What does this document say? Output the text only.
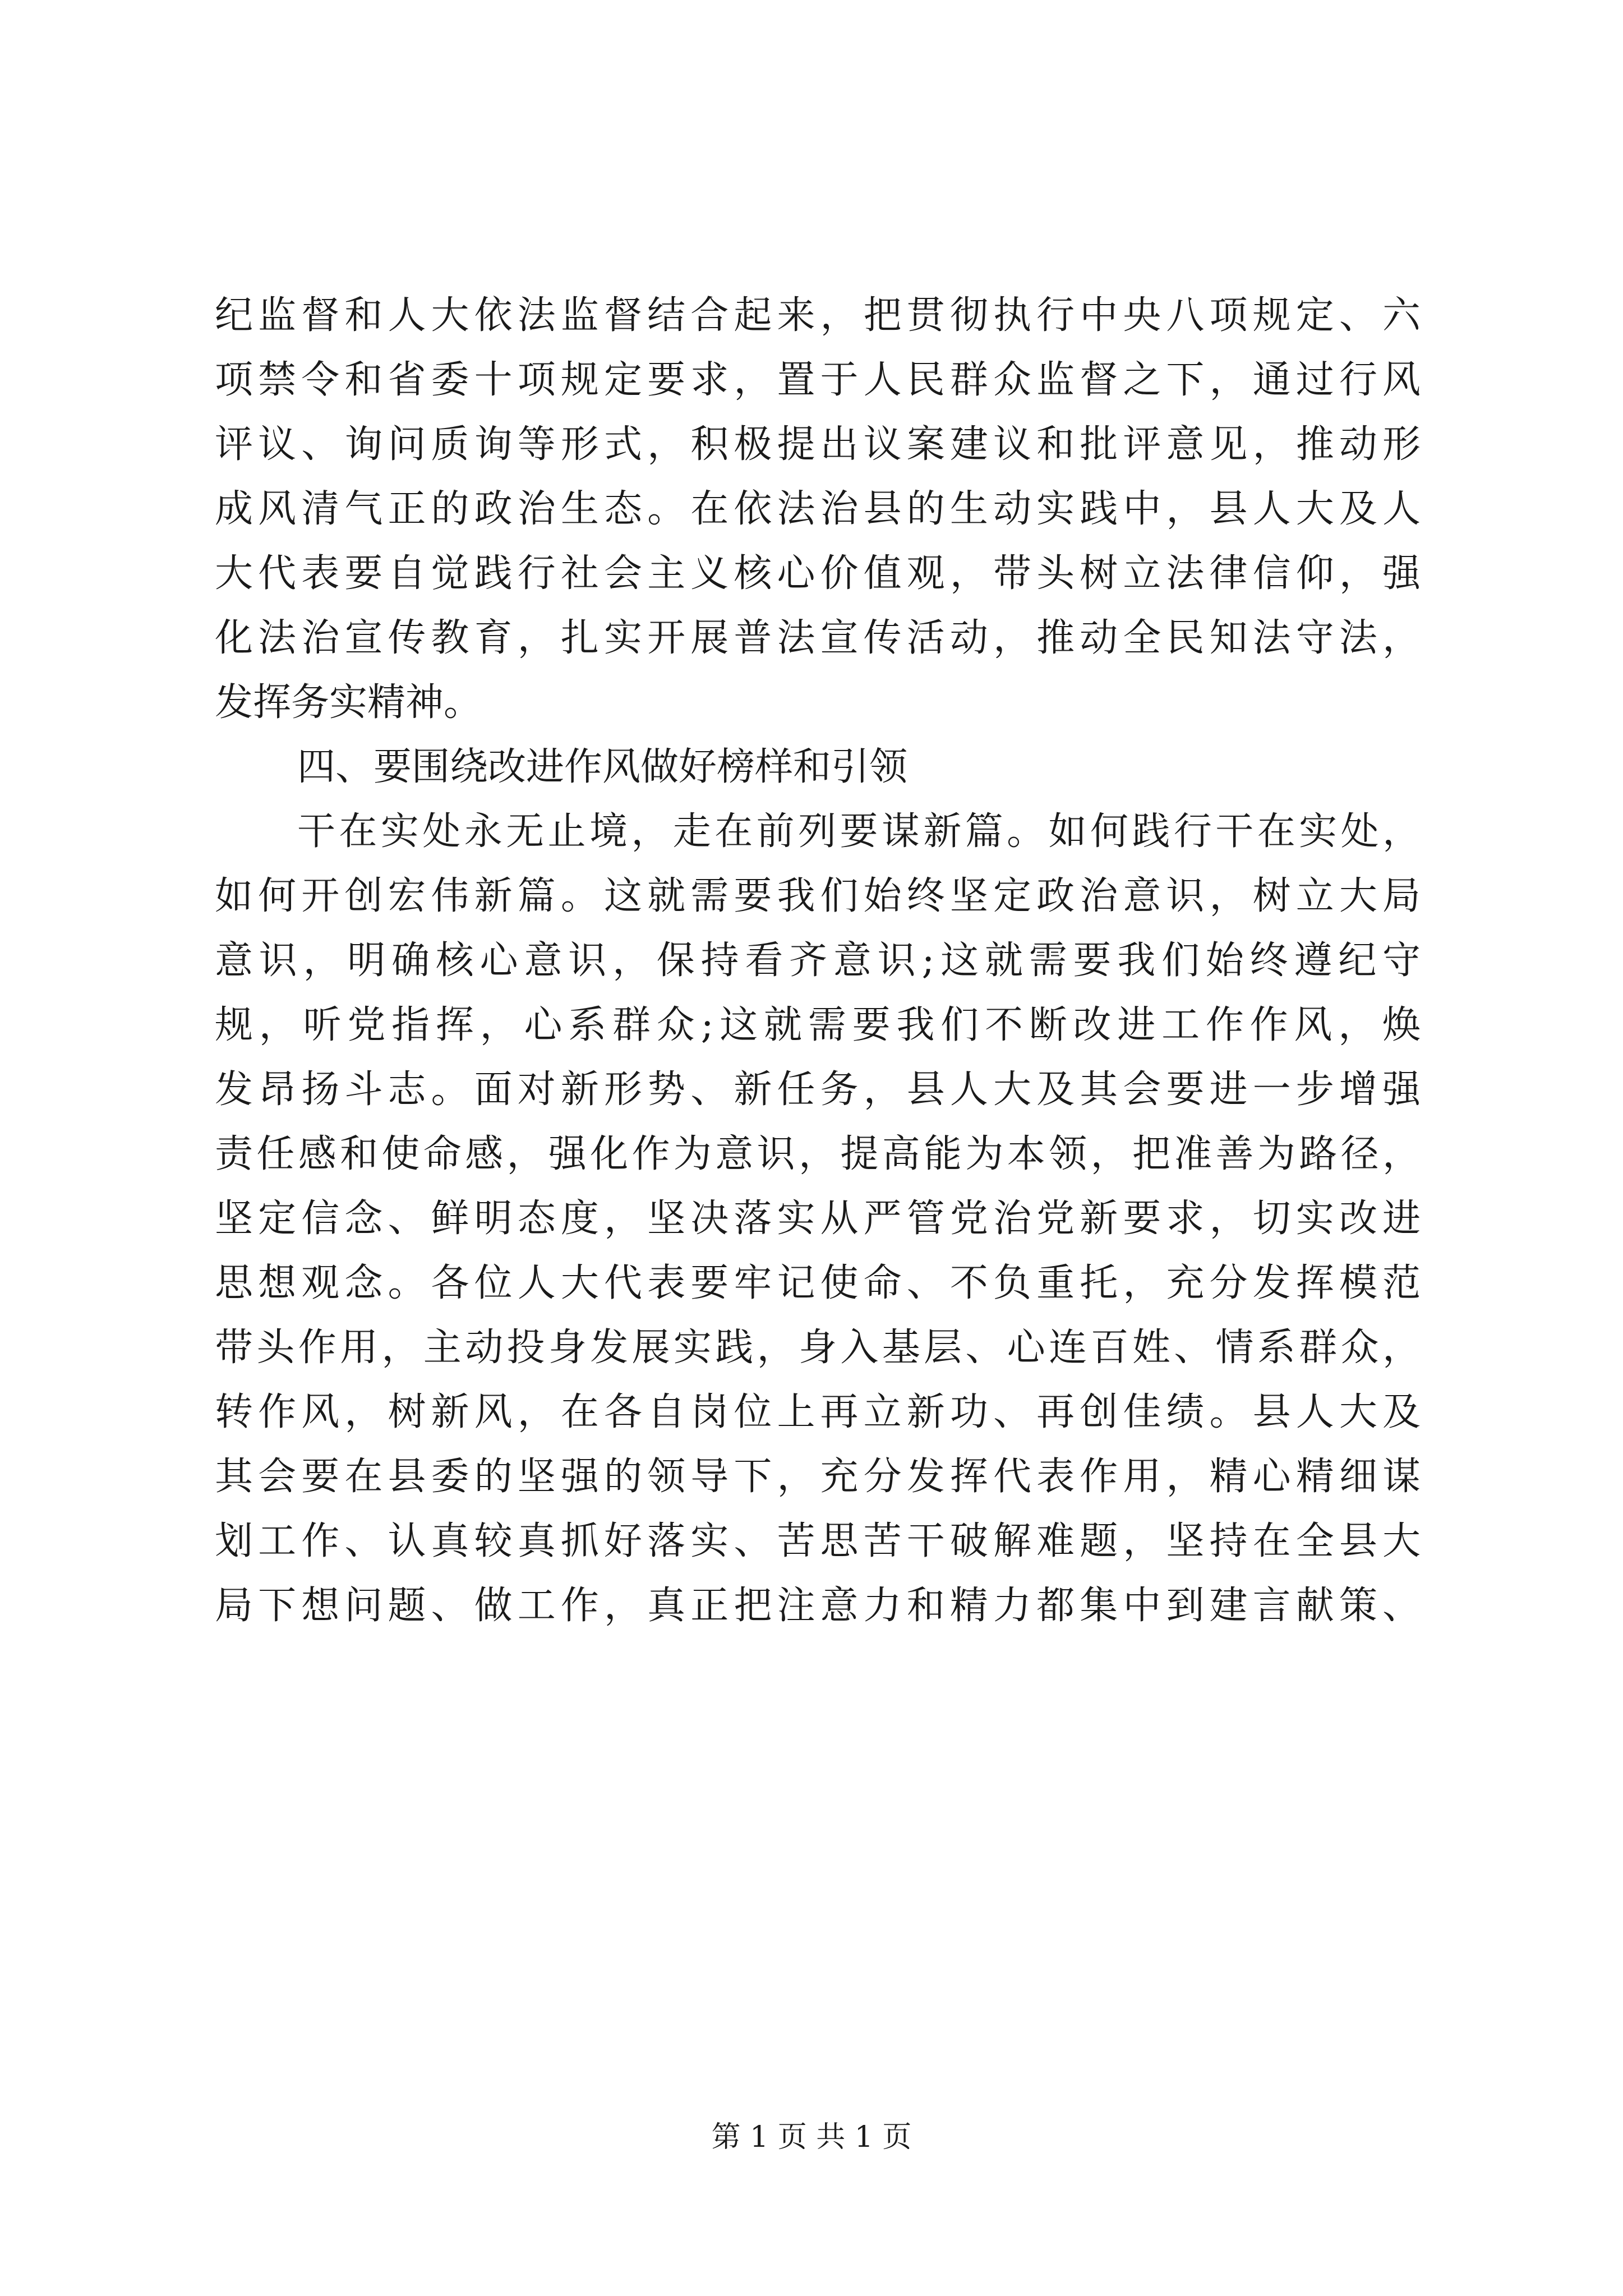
纪监督和人大依法监督结合起来，把贯彻执行中央八项规定、六
项禁令和省委十项规定要求，置于人民群众监督之下，通过行风
评议、询问质询等形式，积极提出议案建议和批评意见，推动形
成风清气正的政治生态。在依法治县的生动实践中，县人大及人
大代表要自觉践行社会主义核心价值观，带头树立法律信仰，强
化法治宣传教育，扎实开展普法宣传活动，推动全民知法守法，
发挥务实精神。
四、要围绕改进作风做好榜样和引领
干在实处永无止境，走在前列要谋新篇。如何践行干在实处，
如何开创宏伟新篇。这就需要我们始终坚定政治意识，树立大局
意识，明确核心意识，保持看齐意识;这就需要我们始终遵纪守
规，听党指挥，心系群众;这就需要我们不断改进工作作风，焕
发昂扬斗志。面对新形势、新任务，县人大及其会要进一步增强
责任感和使命感，强化作为意识，提高能为本领，把准善为路径，
坚定信念、鲜明态度，坚决落实从严管党治党新要求，切实改进
思想观念。各位人大代表要牢记使命、不负重托，充分发挥模范
带头作用，主动投身发展实践，身入基层、心连百姓、情系群众，
转作风，树新风，在各自岗位上再立新功、再创佳绩。县人大及
其会要在县委的坚强的领导下，充分发挥代表作用，精心精细谋
划工作、认真较真抓好落实、苦思苦干破解难题，坚持在全县大
局下想问题、做工作，真正把注意力和精力都集中到建言献策、
第 1 页 共 1 页
